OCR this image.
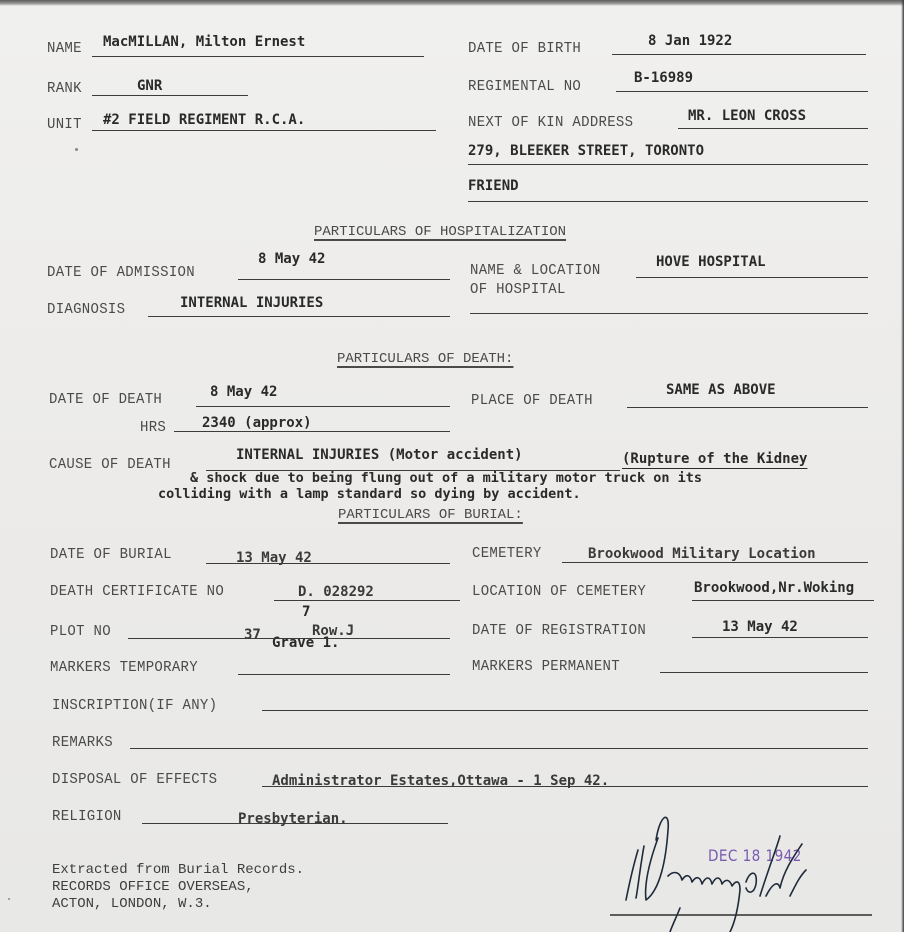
NAME MacMILLAN, Milton Ernest
RANK	GNR
UNIT #2 FIELD REGIMENT R.C.A.
DATE OF BIRTH	8 Jan 1922
REGIMENTAL NO	B-16989
NEXT OF KIN ADDRESS	MR. LEON CROSS
279, BLEEKER STREET, TORONTO
FRIEND
PARTICULARS OF HOSPITALIZATION
DATE OF ADMISSION
8 May 42
NAME & LOCATION
OF HOSPITAL
HOVE HOSPITAL
DIAGNOSIS	INTERNAL INJURIES
PARTICULARS OF DEATH:
DATE OF DEATH	8 May 42	PLACE OF DEATH
SAME AS ABOVE
HRS	2340 (approx)
CAUSE OF DEATH
INTERNAL INJURIES (Motor accident)	(Rupture of the Kidney
& shock due to being flung out of a military motor truck on its
colliding with a lamp standard so dying by accident.
PARTICULARS OF BURIAL:
DATE OF BURIAL	13 May 42	CEMETERY	Brookwood Military Location
DEATH CERTIFICATE NO	D. 028292
7
LOCATION OF CEMETERY	Brookwood,Nr.Woking
PLOT NO	37	Row.J
Grave 1.
DATE OF REGISTRATION	13 May 42
MARKERS TEMPORARY	MARKERS PERMANENT
INSCRIPTION(IF ANY)
REMARKS
DISPOSAL OF EFFECTS	Administrator Estates,Ottawa - 1 Sep 42.
RELIGION	Presbyterian.
Extracted from Burial Records.
RECORDS OFFICE OVERSEAS,
ACTON, LONDON, W.3.
DEC 18 1942
